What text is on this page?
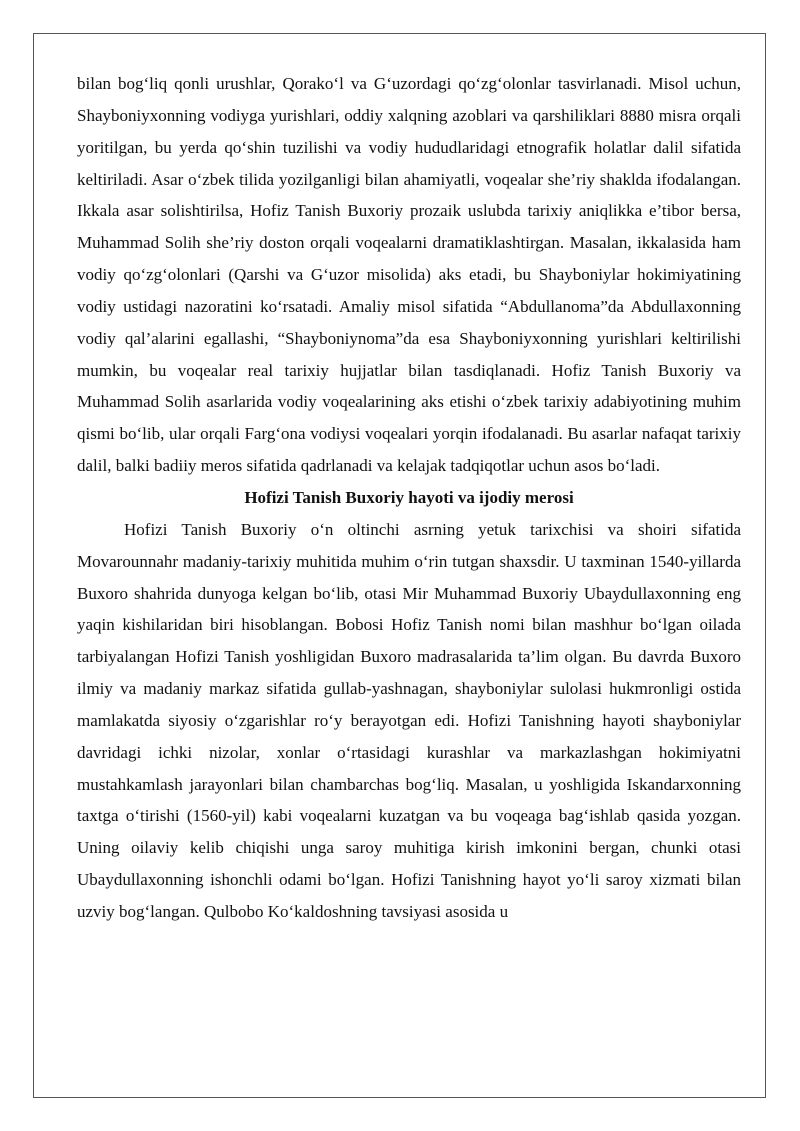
bilan bog‘liq qonli urushlar, Qorako‘l va G‘uzordagi qo‘zg‘olonlar tasvirlanadi. Misol uchun, Shayboniyxonning vodiyga yurishlari, oddiy xalqning azoblari va qarshiliklari 8880 misra orqali yoritilgan, bu yerda qo‘shin tuzilishi va vodiy hududlaridagi etnografik holatlar dalil sifatida keltiriladi. Asar o‘zbek tilida yozilganligi bilan ahamiyatli, voqealar she’riy shaklda ifodalangan. Ikkala asar solishtirilsa, Hofiz Tanish Buxoriy prozaik uslubda tarixiy aniqlikka e’tibor bersa, Muhammad Solih she’riy doston orqali voqealarni dramatiklashtirgan. Masalan, ikkalasida ham vodiy qo‘zg‘olonlari (Qarshi va G‘uzor misolida) aks etadi, bu Shayboniylar hokimiyatining vodiy ustidagi nazoratini ko‘rsatadi. Amaliy misol sifatida “Abdullanoma”da Abdullaxonning vodiy qal’alarini egallashi, “Shayboniynoma”da esa Shayboniyxonning yurishlari keltirilishi mumkin, bu voqealar real tarixiy hujjatlar bilan tasdiqlanadi. Hofiz Tanish Buxoriy va Muhammad Solih asarlarida vodiy voqealarining aks etishi o‘zbek tarixiy adabiyotining muhim qismi bo‘lib, ular orqali Farg‘ona vodiysi voqealari yorqin ifodalanadi. Bu asarlar nafaqat tarixiy dalil, balki badiiy meros sifatida qadrlanadi va kelajak tadqiqotlar uchun asos bo‘ladi.

Hofizi Tanish Buxoriy hayoti va ijodiy merosi

Hofizi Tanish Buxoriy o‘n oltinchi asrning yetuk tarixchisi va shoiri sifatida Movarounnahr madaniy-tarixiy muhitida muhim o‘rin tutgan shaxsdir. U taxminan 1540-yillarda Buxoro shahrida dunyoga kelgan bo‘lib, otasi Mir Muhammad Buxoriy Ubaydullaxonning eng yaqin kishilaridan biri hisoblangan. Bobosi Hofiz Tanish nomi bilan mashhur bo‘lgan oilada tarbiyalangan Hofizi Tanish yoshligidan Buxoro madrasalarida ta’lim olgan. Bu davrda Buxoro ilmiy va madaniy markaz sifatida gullab-yashnagan, shayboniylar sulolasi hukmronligi ostida mamlakatda siyosiy o‘zgarishlar ro‘y berayotgan edi. Hofizi Tanishning hayoti shayboniylar davridagi ichki nizolar, xonlar o‘rtasidagi kurashlar va markazlashgan hokimiyatni mustahkamlash jarayonlari bilan chambarchas bog‘liq. Masalan, u yoshligida Iskandarxonning taxtga o‘tirishi (1560-yil) kabi voqealarni kuzatgan va bu voqeaga bag‘ishlab qasida yozgan. Uning oilaviy kelib chiqishi unga saroy muhitiga kirish imkonini bergan, chunki otasi Ubaydullaxonning ishonchli odami bo‘lgan. Hofizi Tanishning hayot yo‘li saroy xizmati bilan uzviy bog‘langan. Qulbobo Ko‘kaldoshning tavsiyasi asosida u
